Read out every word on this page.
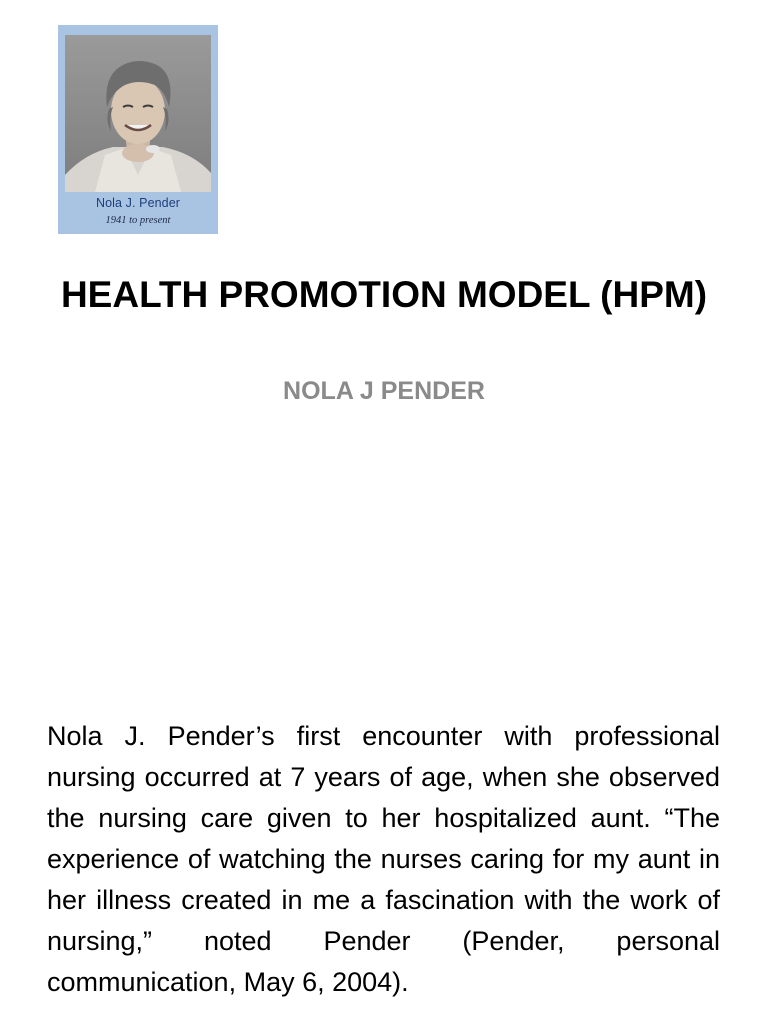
Nola J. Pender
1941 to present
HEALTH PROMOTION MODEL (HPM)
NOLA J PENDER

Nola J. Pender’s first encounter with professional nursing occurred at 7 years of age, when she observed the nursing care given to her hospitalized aunt. “The experience of watching the nurses caring for my aunt in her illness created in me a fascination with the work of nursing,” noted Pender (Pender, personal communication, May 6, 2004).
